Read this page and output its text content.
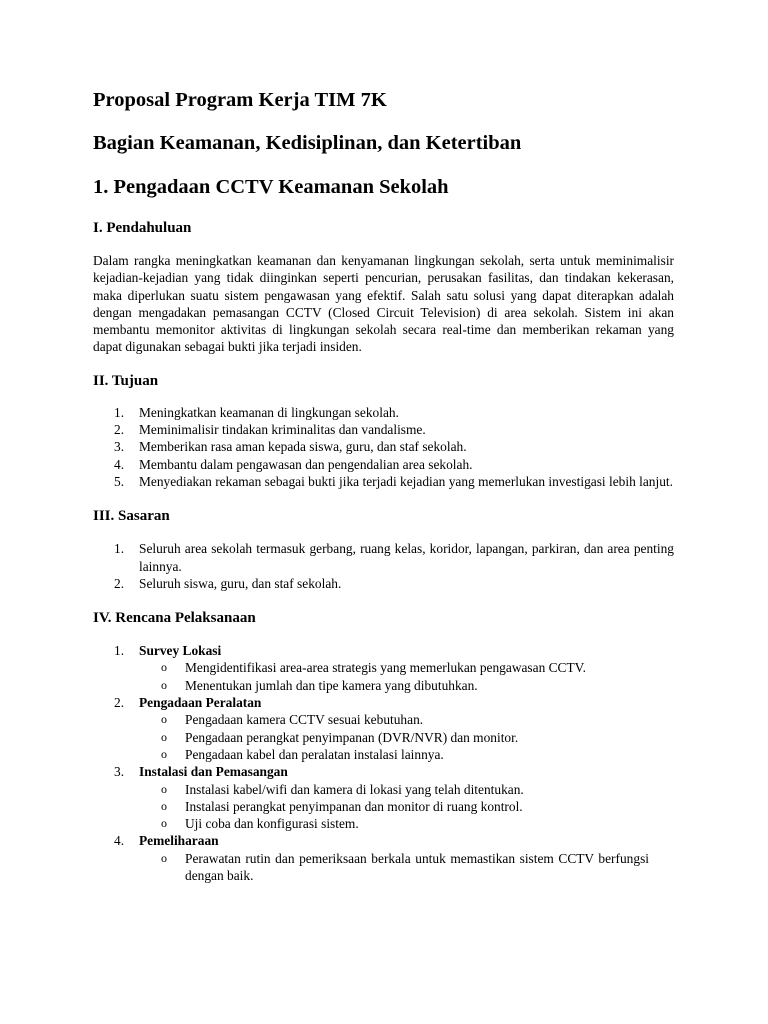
Proposal Program Kerja TIM 7K
Bagian Keamanan, Kedisiplinan, dan Ketertiban
1. Pengadaan CCTV Keamanan Sekolah
I. Pendahuluan

Dalam rangka meningkatkan keamanan dan kenyamanan lingkungan sekolah, serta untuk meminimalisir kejadian-kejadian yang tidak diinginkan seperti pencurian, perusakan fasilitas, dan tindakan kekerasan, maka diperlukan suatu sistem pengawasan yang efektif. Salah satu solusi yang dapat diterapkan adalah dengan mengadakan pemasangan CCTV (Closed Circuit Television) di area sekolah. Sistem ini akan membantu memonitor aktivitas di lingkungan sekolah secara real-time dan memberikan rekaman yang dapat digunakan sebagai bukti jika terjadi insiden.

II. Tujuan
1. Meningkatkan keamanan di lingkungan sekolah.
2. Meminimalisir tindakan kriminalitas dan vandalisme.
3. Memberikan rasa aman kepada siswa, guru, dan staf sekolah.
4. Membantu dalam pengawasan dan pengendalian area sekolah.
5. Menyediakan rekaman sebagai bukti jika terjadi kejadian yang memerlukan investigasi lebih lanjut.
III. Sasaran
1. Seluruh area sekolah termasuk gerbang, ruang kelas, koridor, lapangan, parkiran, dan area penting lainnya.
2. Seluruh siswa, guru, dan staf sekolah.
IV. Rencana Pelaksanaan
1. Survey Lokasi
o Mengidentifikasi area-area strategis yang memerlukan pengawasan CCTV.
o Menentukan jumlah dan tipe kamera yang dibutuhkan.
2. Pengadaan Peralatan
o Pengadaan kamera CCTV sesuai kebutuhan.
o Pengadaan perangkat penyimpanan (DVR/NVR) dan monitor.
o Pengadaan kabel dan peralatan instalasi lainnya.
3. Instalasi dan Pemasangan
o Instalasi kabel/wifi dan kamera di lokasi yang telah ditentukan.
o Instalasi perangkat penyimpanan dan monitor di ruang kontrol.
o Uji coba dan konfigurasi sistem.
4. Pemeliharaan
o Perawatan rutin dan pemeriksaan berkala untuk memastikan sistem CCTV berfungsi dengan baik.
